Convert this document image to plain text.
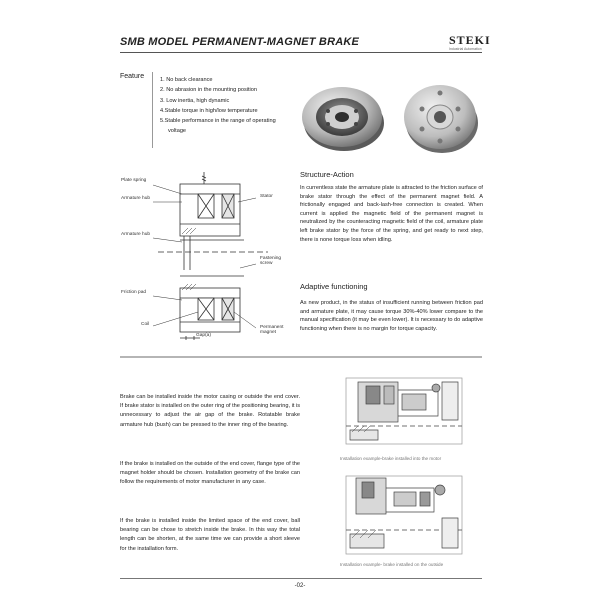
SMB MODEL PERMANENT-MAGNET BRAKE	STEKI
Industrial Automation
Feature	1. No back clearance
2. No abrasion in the mounting position
3. Low inertia, high dynamic
4.Stable torque in high/low temperature
5.Stable performance in the range of operating
voltage
Plate spring
Armature hub
Armature hub
Stator
Fastening screw
Friction pad
Coil
Gap(a)
Permanent magnet
Structure-Action
In currentless state the armature plate is attracted to the friction surface of brake stator through the effect of the permanent magnet field. A frictionally engaged and back-lash-free connection is created. When current is applied the magnetic field of the permanent magnet is neutralized by the counteracting magnetic field of the coil, armature plate left brake stator by the force of the spring, and get ready to next step, there is none torque loss when idling.
Adaptive functioning
As new product, in the status of insufficient running between friction pad and armature plate, it may cause torque 30%-40% lower compare to the manual specification (it may be even lower). It is necessary to do adaptive functioning when there is no margin for torque capacity.
Brake can be installed inside the motor casing or outside the end cover. If brake stator is installed on the outer ring of the positioning bearing, it is unnecessary to adjust the air gap of the brake. Rotatable brake armature hub (bush) can be pressed to the inner ring of the bearing.
If the brake is installed on the outside of the end cover, flange type of the magnet holder should be chosen. Installation geometry of the brake can follow the requirements of motor manufacturer in any case.
If the brake is installed inside the limited space of the end cover, ball bearing can be chose to stretch inside the brake. In this way the total length can be shorten, at the same time we can provide a short sleeve for the installation form.
Installation example-brake installed into the motor
Installation example- brake installed on the outside
-02-
